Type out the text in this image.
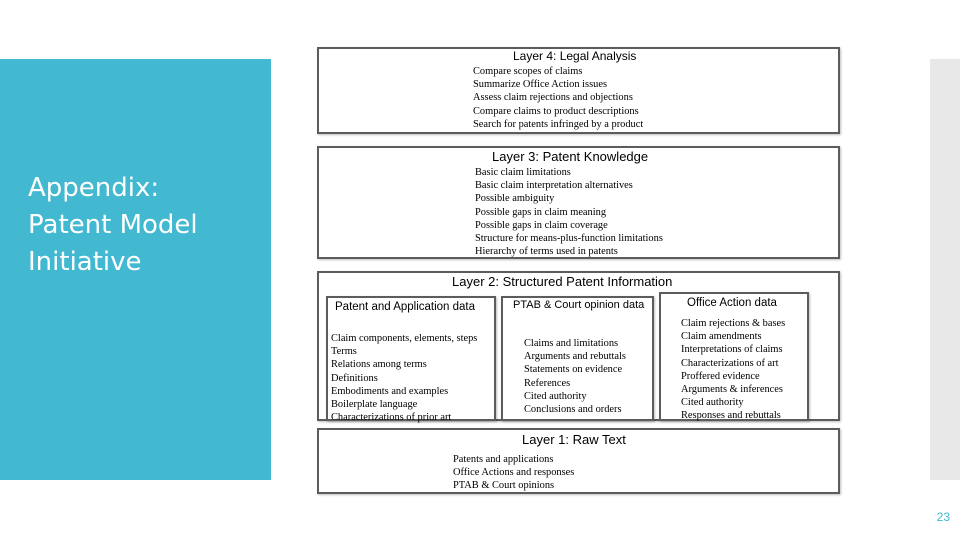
Appendix:
Patent Model
Initiative
Layer 4: Legal Analysis
Compare scopes of claims
Summarize Office Action issues
Assess claim rejections and objections
Compare claims to product descriptions
Search for patents infringed by a product
Layer 3: Patent Knowledge
Basic claim limitations
Basic claim interpretation alternatives
Possible ambiguity
Possible gaps in claim meaning
Possible gaps in claim coverage
Structure for means-plus-function limitations
Hierarchy of terms used in patents
Layer 2: Structured Patent Information
Patent and Application data
Claim components, elements, steps
Terms
Relations among terms
Definitions
Embodiments and examples
Boilerplate language
Characterizations of prior art
PTAB & Court opinion data
Claims and limitations
Arguments and rebuttals
Statements on evidence
References
Cited authority
Conclusions and orders
Office Action data
Claim rejections & bases
Claim amendments
Interpretations of claims
Characterizations of art
Proffered evidence
Arguments & inferences
Cited authority
Responses and rebuttals
Layer 1: Raw Text
Patents and applications
Office Actions and responses
PTAB & Court opinions
23
